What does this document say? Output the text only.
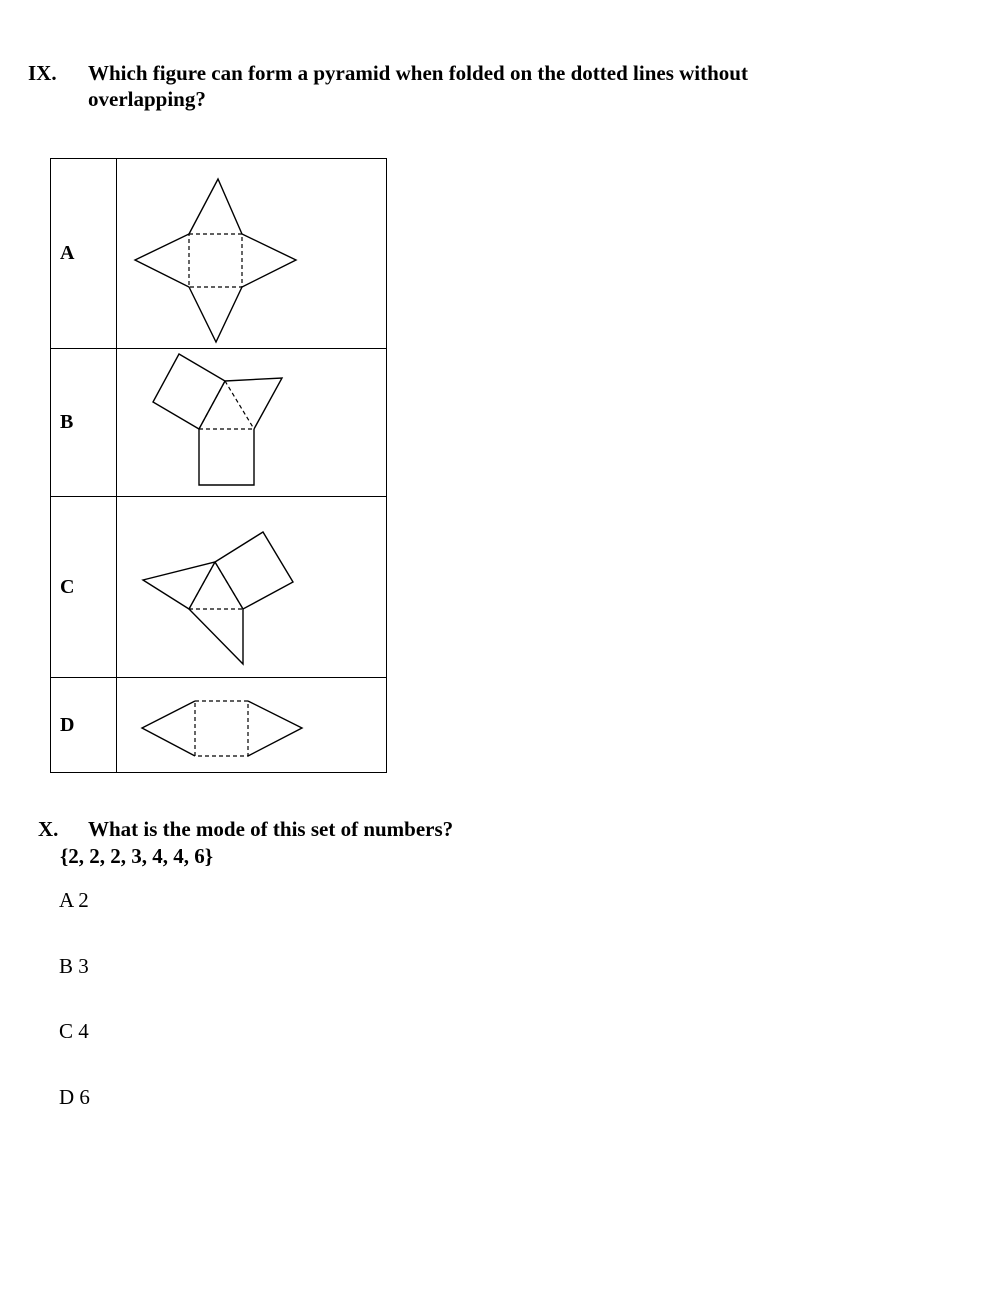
IX. Which figure can form a pyramid when folded on the dotted lines without overlapping?
A	

B	

C	

D	
X. What is the mode of this set of numbers?
{2, 2, 2, 3, 4, 4, 6}
A 2
B 3
C 4
D 6
